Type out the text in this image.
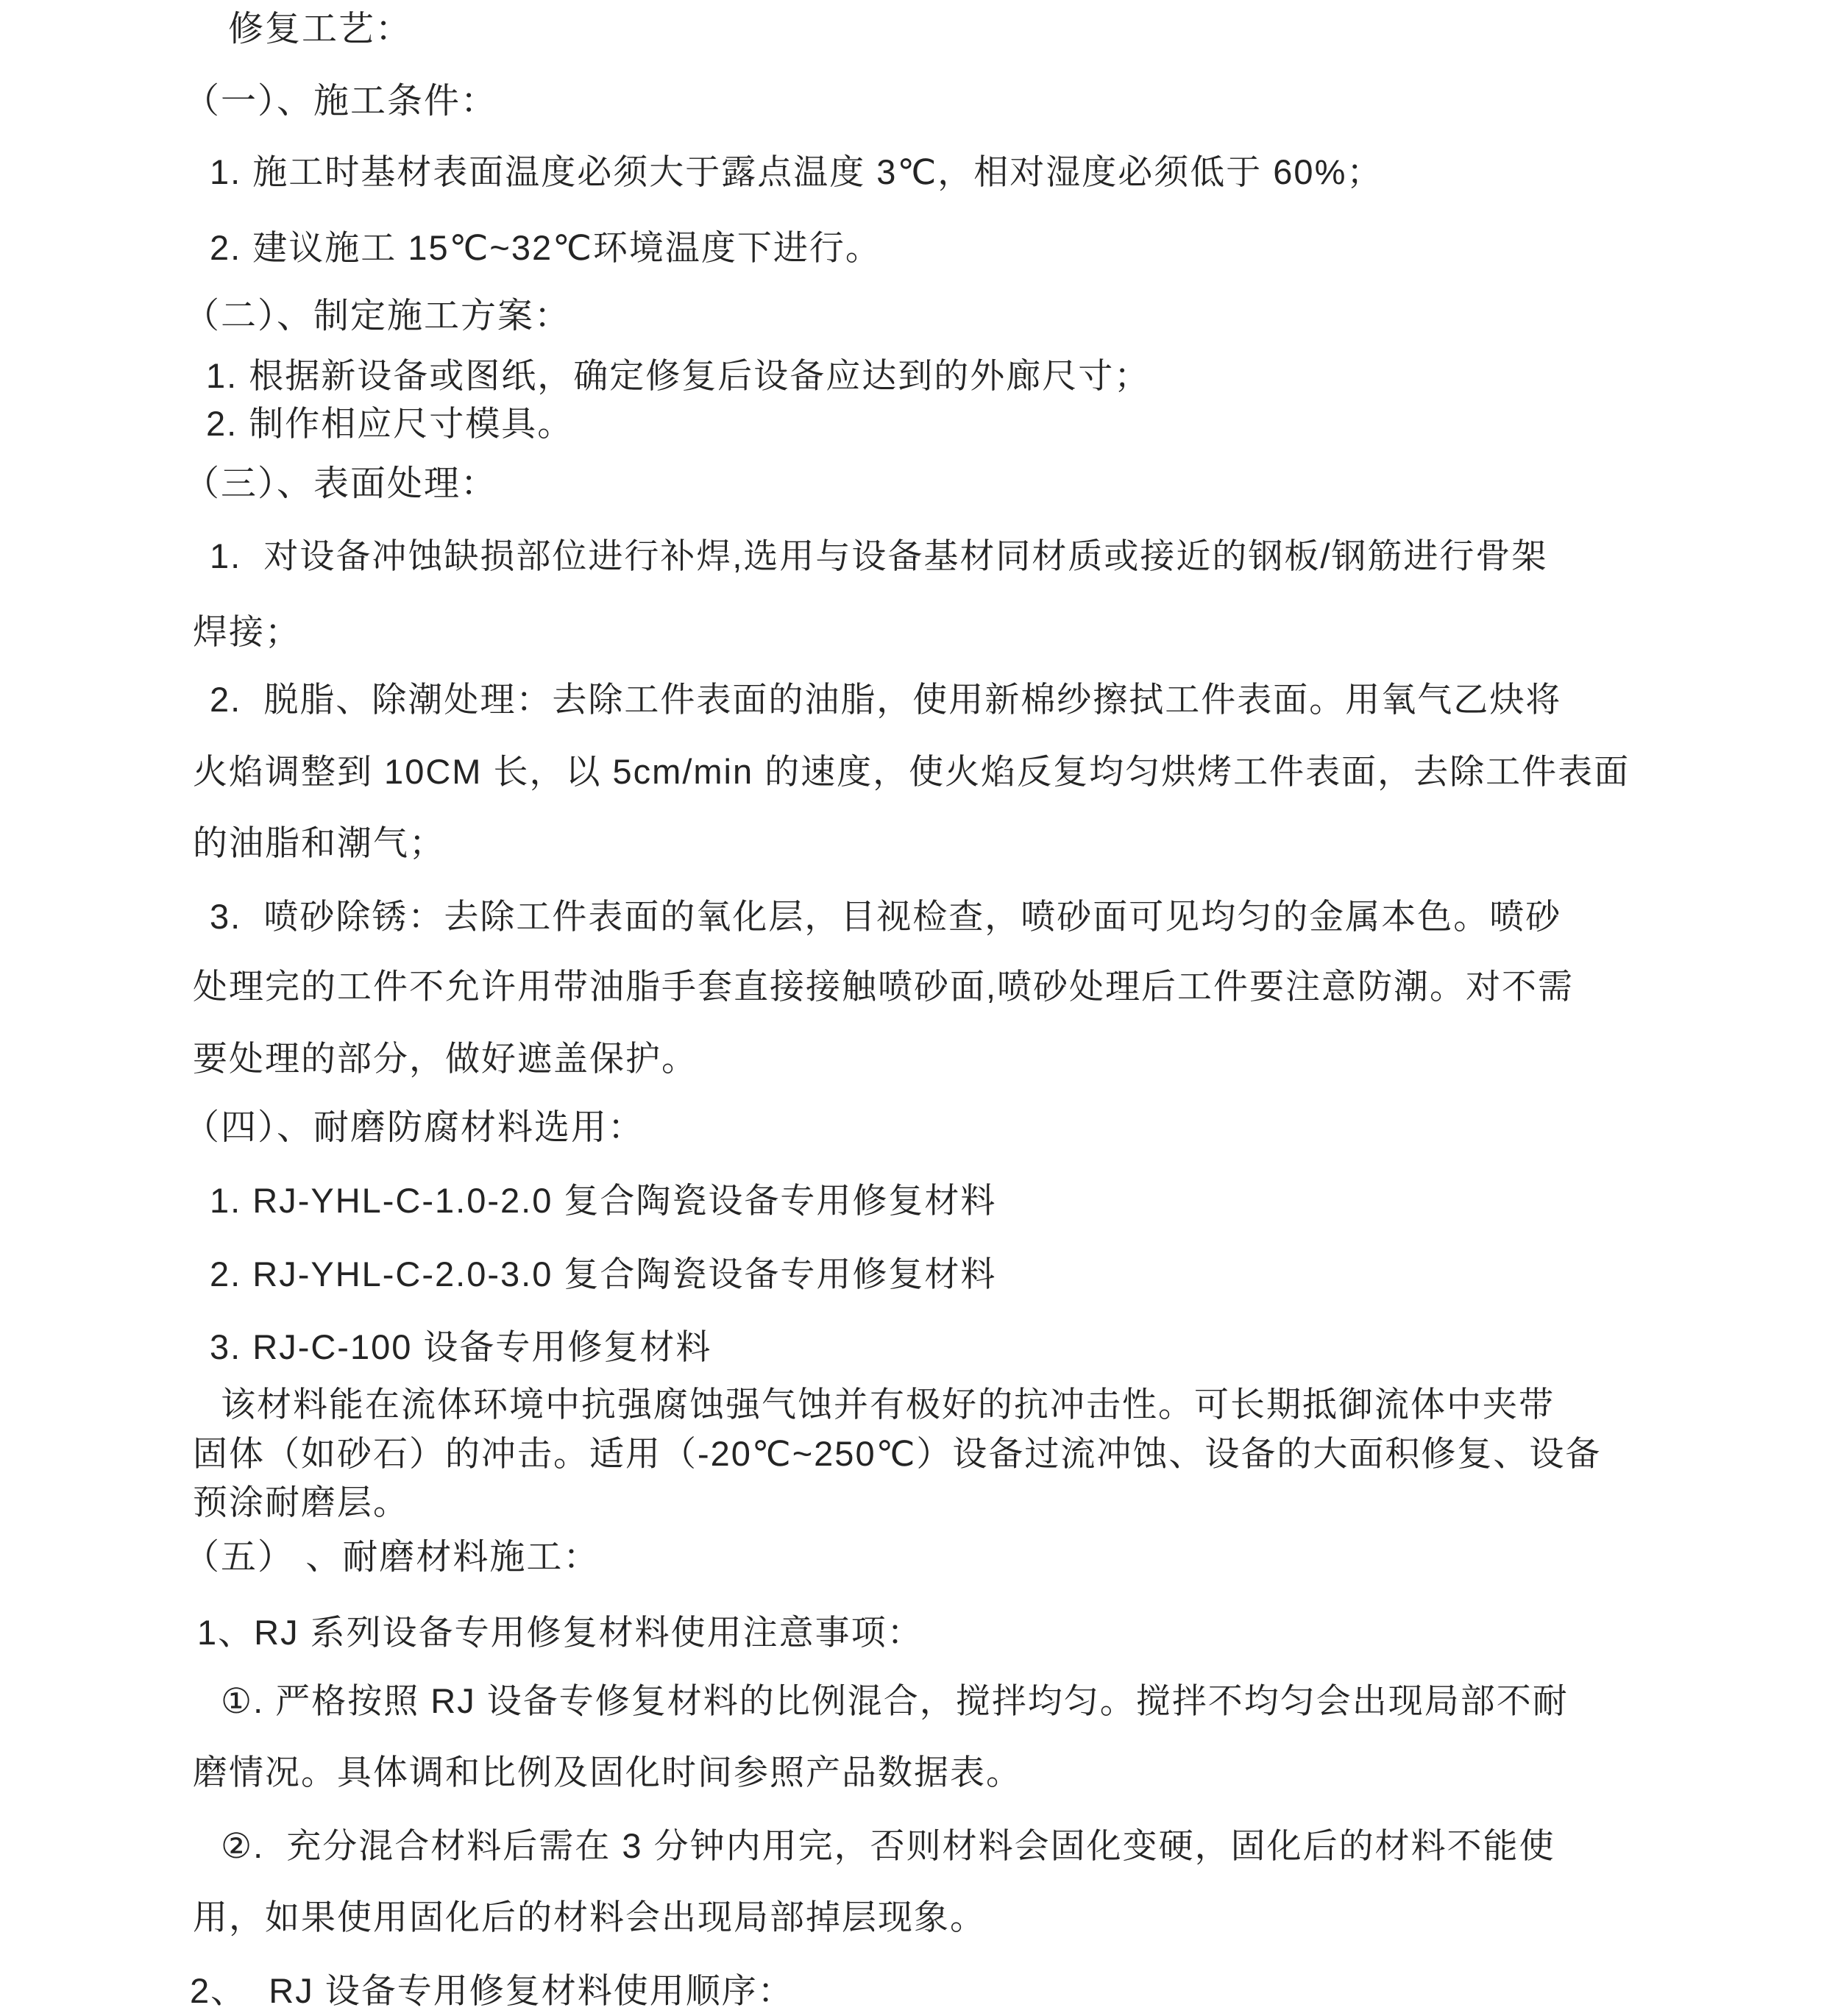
修复工艺：
（一）、施工条件：
1. 施工时基材表面温度必须大于露点温度 3℃，相对湿度必须低于 60%；
2. 建议施工 15℃~32℃环境温度下进行。
（二）、制定施工方案：
1. 根据新设备或图纸，确定修复后设备应达到的外廊尺寸；
2. 制作相应尺寸模具。
（三）、表面处理：
1.  对设备冲蚀缺损部位进行补焊,选用与设备基材同材质或接近的钢板/钢筋进行骨架
焊接；
2.  脱脂、除潮处理：去除工件表面的油脂，使用新棉纱擦拭工件表面。用氧气乙炔将
火焰调整到 10CM 长，以 5cm/min 的速度，使火焰反复均匀烘烤工件表面，去除工件表面
的油脂和潮气；
3.  喷砂除锈：去除工件表面的氧化层，目视检查，喷砂面可见均匀的金属本色。喷砂
处理完的工件不允许用带油脂手套直接接触喷砂面,喷砂处理后工件要注意防潮。对不需
要处理的部分，做好遮盖保护。
（四）、耐磨防腐材料选用：
1. RJ-YHL-C-1.0-2.0 复合陶瓷设备专用修复材料
2. RJ-YHL-C-2.0-3.0 复合陶瓷设备专用修复材料
3. RJ-C-100 设备专用修复材料
该材料能在流体环境中抗强腐蚀强气蚀并有极好的抗冲击性。可长期抵御流体中夹带
固体（如砂石）的冲击。适用（-20℃~250℃）设备过流冲蚀、设备的大面积修复、设备
预涂耐磨层。
（五） 、耐磨材料施工：
1、RJ 系列设备专用修复材料使用注意事项：
①. 严格按照 RJ 设备专修复材料的比例混合，搅拌均匀。搅拌不均匀会出现局部不耐
磨情况。具体调和比例及固化时间参照产品数据表。
②.  充分混合材料后需在 3 分钟内用完，否则材料会固化变硬，固化后的材料不能使
用，如果使用固化后的材料会出现局部掉层现象。
2、  RJ 设备专用修复材料使用顺序：
